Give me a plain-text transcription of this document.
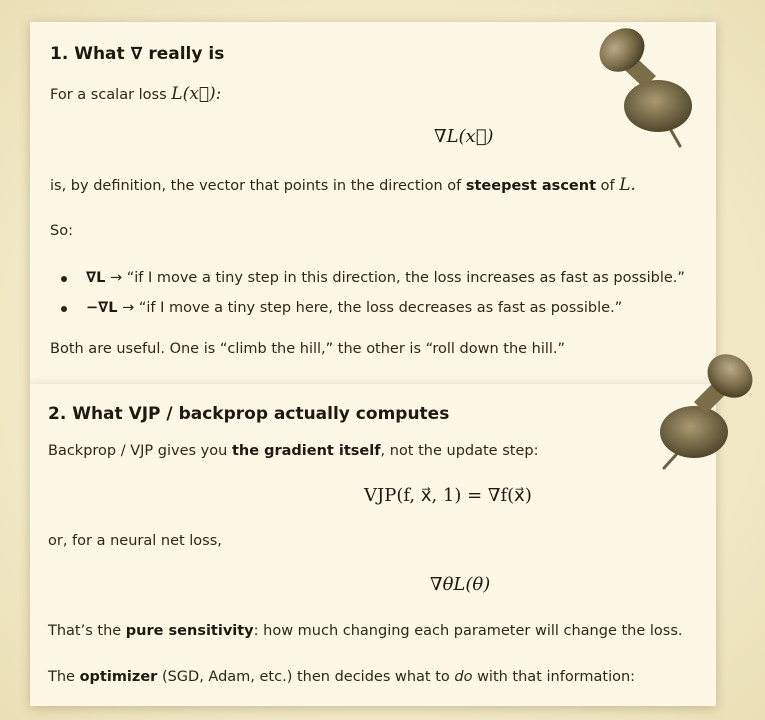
1. What ∇ really is
For a scalar loss L(x⃗):
∇L(x⃗)
is, by definition, the vector that points in the direction of steepest ascent of L.
So:
∇L → “if I move a tiny step in this direction, the loss increases as fast as possible.”
−∇L → “if I move a tiny step here, the loss decreases as fast as possible.”
Both are useful. One is “climb the hill,” the other is “roll down the hill.”
2. What VJP / backprop actually computes
Backprop / VJP gives you the gradient itself, not the update step:
VJP(f, x⃗, 1) = ∇f(x⃗)
or, for a neural net loss,
∇θL(θ)
That’s the pure sensitivity: how much changing each parameter will change the loss.
The optimizer (SGD, Adam, etc.) then decides what to do with that information:
